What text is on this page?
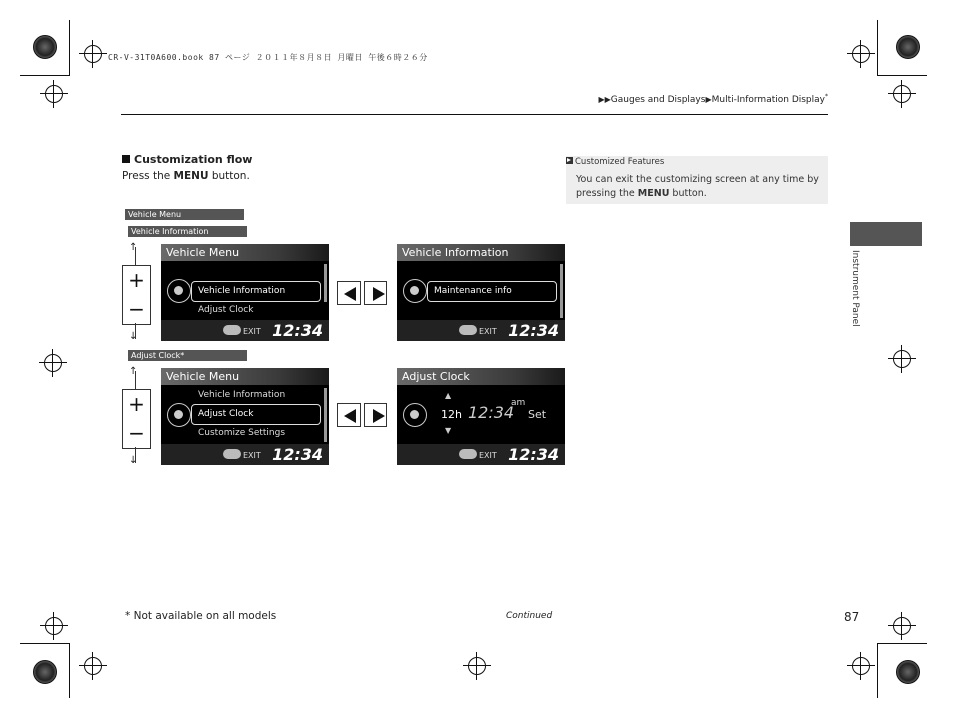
CR-V-31T0A600.book 87 ページ ２０１１年８月８日 月曜日 午後６時２６分
▶▶Gauges and Displays▶Multi-Information Display*
Customization flow
Press the MENU button.
Customized Features
You can exit the customizing screen at any time by pressing the MENU button.
Vehicle Menu
Vehicle Information
Adjust Clock*
↑
+
−
↓
Vehicle Menu
Vehicle Information
Adjust Clock
EXIT 12:34
Vehicle Information
Maintenance info
EXIT 12:34
↑
+
−
↓
Vehicle Menu
Vehicle Information
Adjust Clock
Customize Settings
EXIT 12:34
Adjust Clock
▲
12h
▼
12:34
am
Set
EXIT 12:34
Instrument Panel
* Not available on all models	Continued	87
